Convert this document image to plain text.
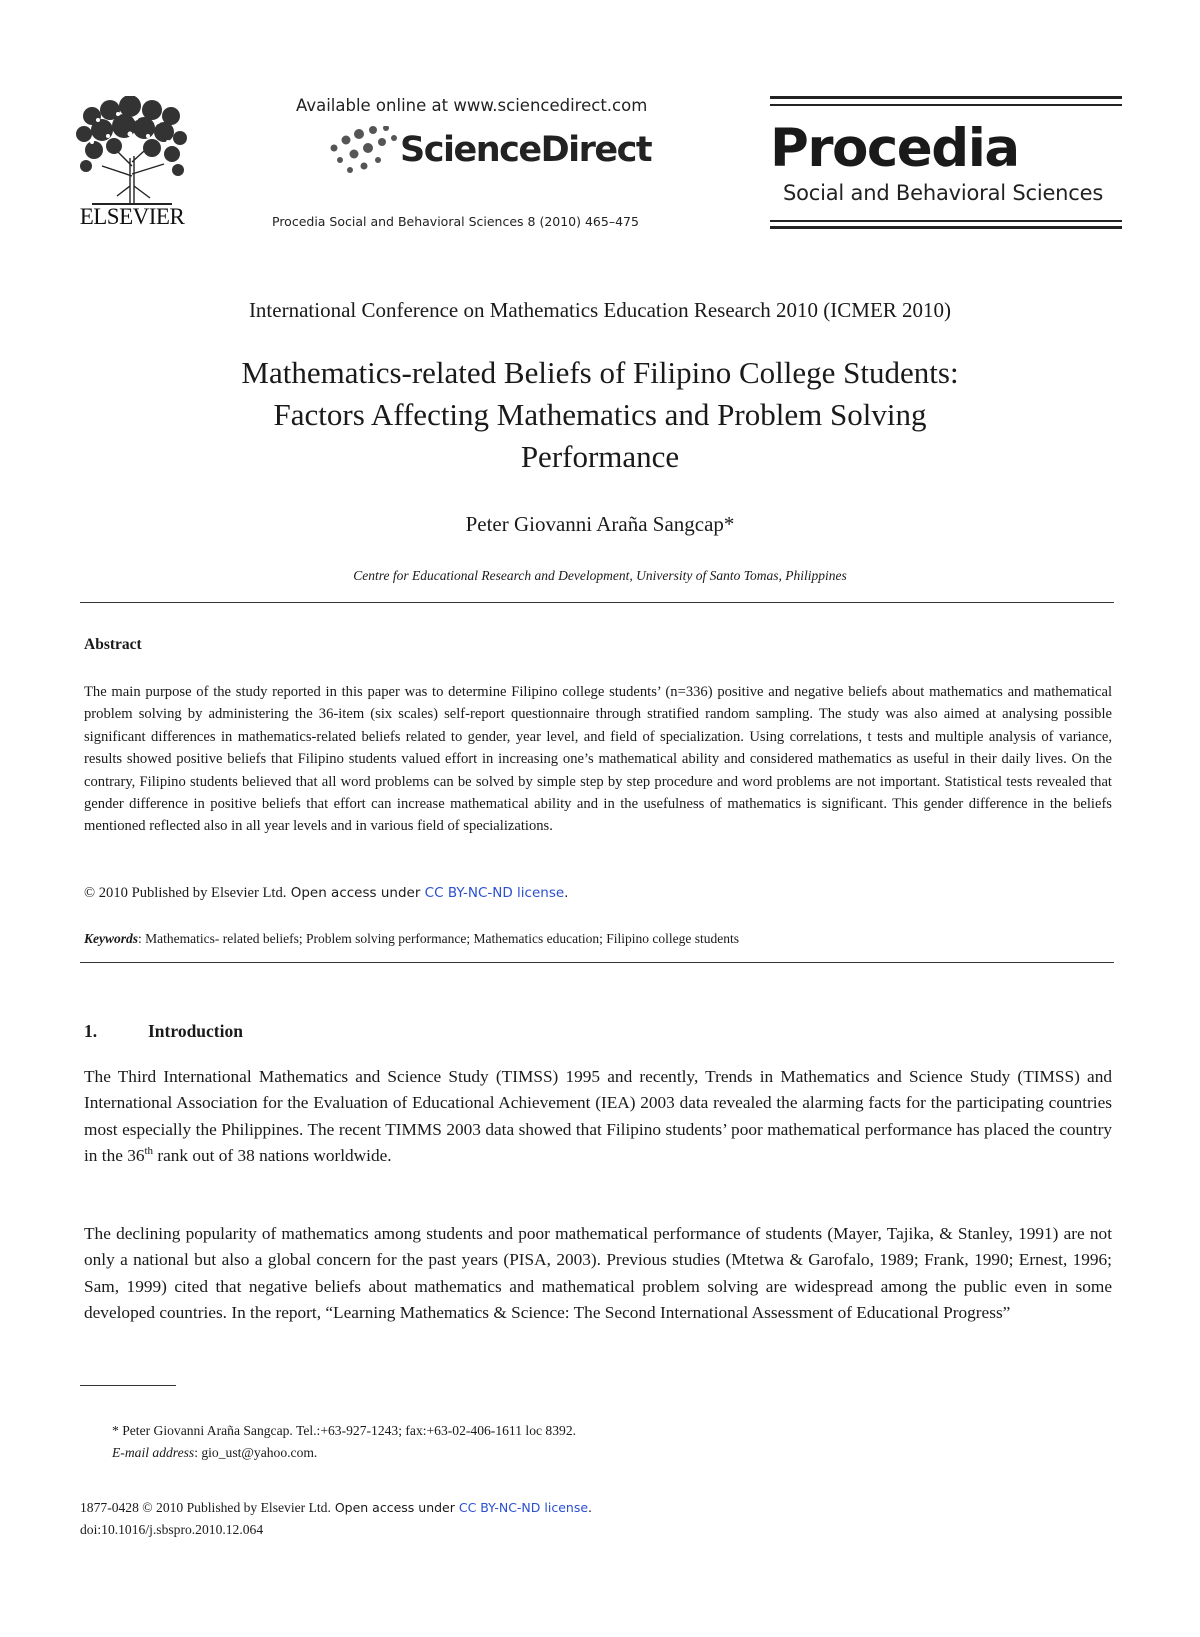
ELSEVIER
Available online at www.sciencedirect.com
ScienceDirect
Procedia Social and Behavioral Sciences 8 (2010) 465–475
Procedia
Social and Behavioral Sciences
International Conference on Mathematics Education Research 2010 (ICMER 2010)
Mathematics-related Beliefs of Filipino College Students:
Factors Affecting Mathematics and Problem Solving
Performance
Peter Giovanni Araña Sangcap*
Centre for Educational Research and Development, University of Santo Tomas, Philippines
Abstract
The main purpose of the study reported in this paper was to determine Filipino college students’ (n=336) positive and negative beliefs about mathematics and mathematical problem solving by administering the 36-item (six scales) self-report questionnaire through stratified random sampling. The study was also aimed at analysing possible significant differences in mathematics-related beliefs related to gender, year level, and field of specialization. Using correlations, t tests and multiple analysis of variance, results showed positive beliefs that Filipino students valued effort in increasing one’s mathematical ability and considered mathematics as useful in their daily lives. On the contrary, Filipino students believed that all word problems can be solved by simple step by step procedure and word problems are not important. Statistical tests revealed that gender difference in positive beliefs that effort can increase mathematical ability and in the usefulness of mathematics is significant. This gender difference in the beliefs mentioned reflected also in all year levels and in various field of specializations.
© 2010 Published by Elsevier Ltd. Open access under CC BY-NC-ND license.
Keywords: Mathematics- related beliefs; Problem solving performance; Mathematics education; Filipino college students
1.	Introduction
The Third International Mathematics and Science Study (TIMSS) 1995 and recently, Trends in Mathematics and Science Study (TIMSS) and International Association for the Evaluation of Educational Achievement (IEA) 2003 data revealed the alarming facts for the participating countries most especially the Philippines. The recent TIMMS 2003 data showed that Filipino students’ poor mathematical performance has placed the country in the 36th rank out of 38 nations worldwide.
The declining popularity of mathematics among students and poor mathematical performance of students (Mayer, Tajika, & Stanley, 1991) are not only a national but also a global concern for the past years (PISA, 2003). Previous studies (Mtetwa & Garofalo, 1989; Frank, 1990; Ernest, 1996; Sam, 1999) cited that negative beliefs about mathematics and mathematical problem solving are widespread among the public even in some developed countries. In the report, “Learning Mathematics & Science: The Second International Assessment of Educational Progress”
* Peter Giovanni Araña Sangcap. Tel.:+63-927-1243; fax:+63-02-406-1611 loc 8392.
E-mail address: gio_ust@yahoo.com.
1877-0428 © 2010 Published by Elsevier Ltd. Open access under CC BY-NC-ND license.
doi:10.1016/j.sbspro.2010.12.064
